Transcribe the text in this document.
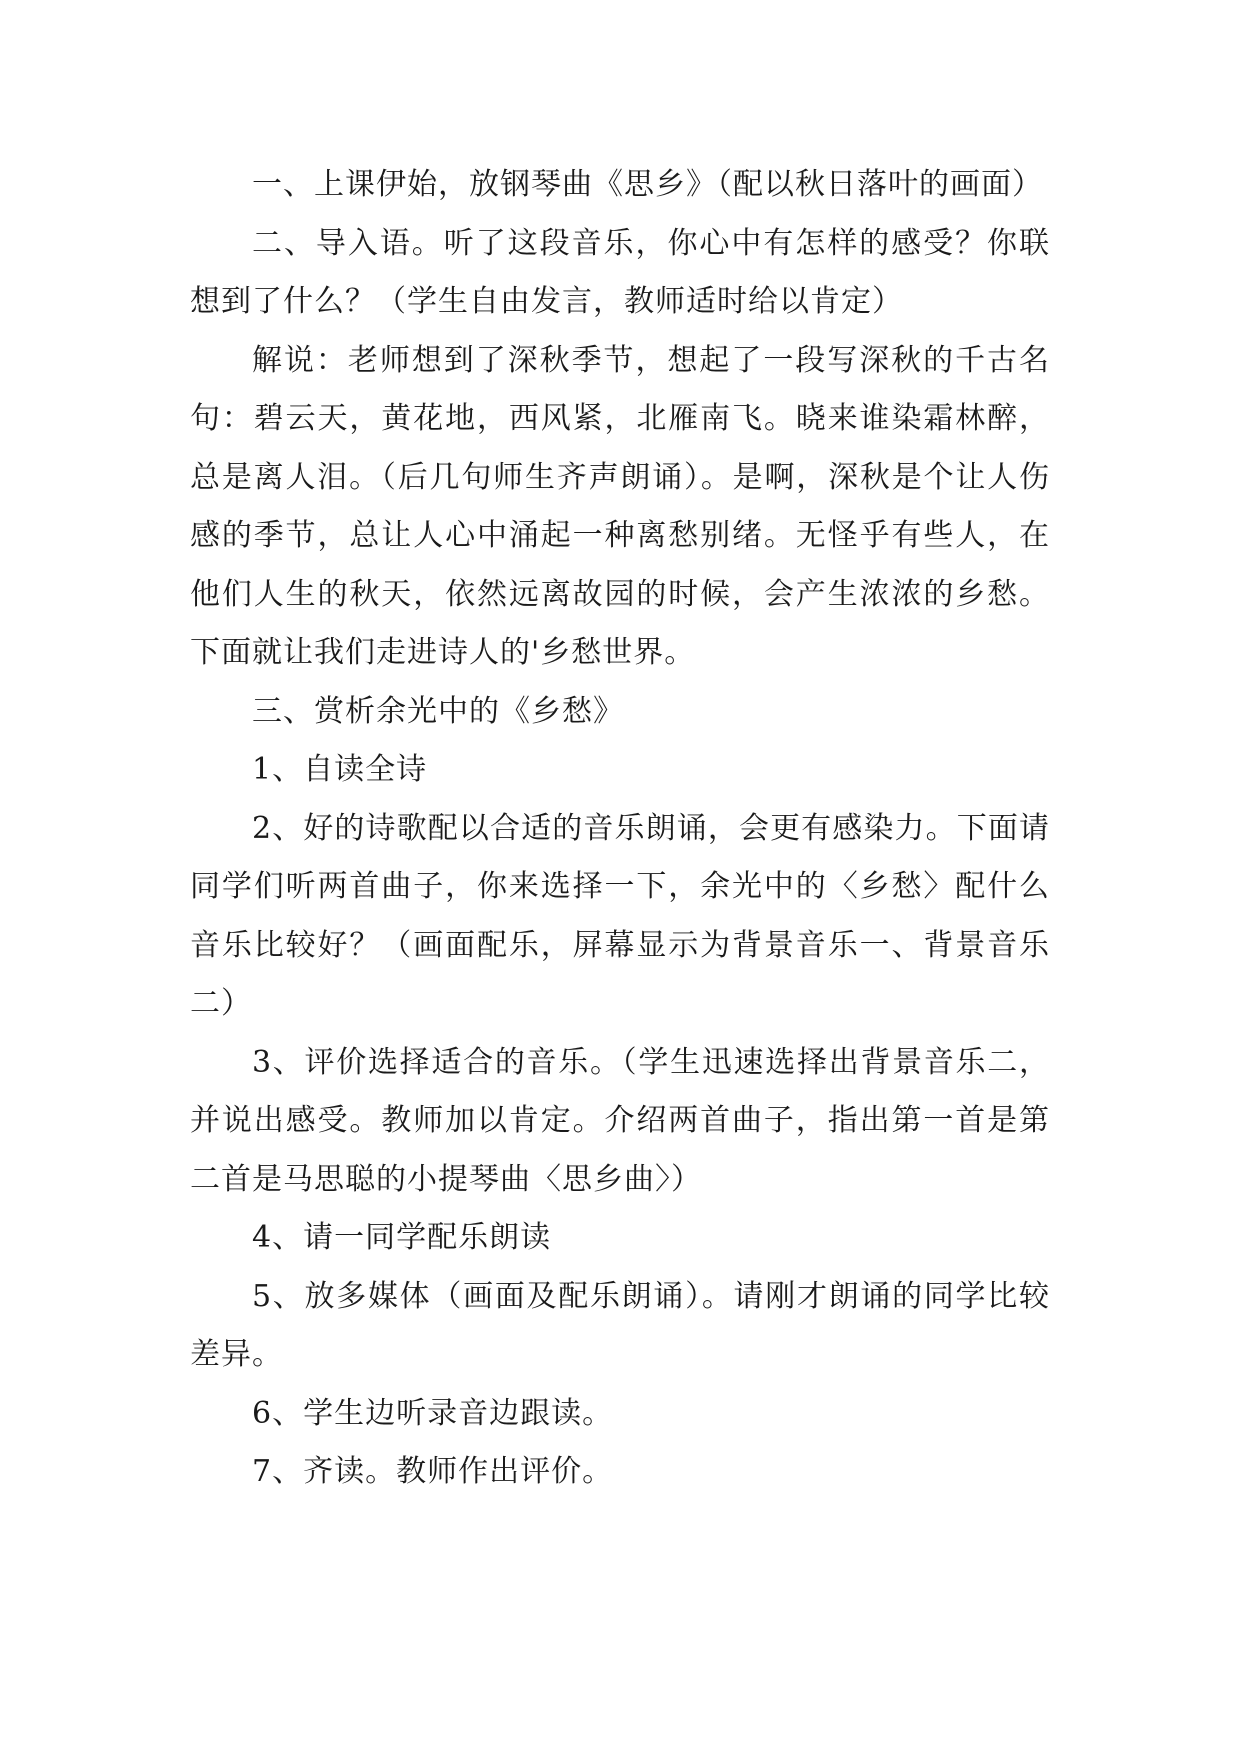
一、上课伊始，放钢琴曲《思乡》（配以秋日落叶的画面）

二、导入语。听了这段音乐，你心中有怎样的感受？你联想到了什么？（学生自由发言，教师适时给以肯定）

解说：老师想到了深秋季节，想起了一段写深秋的千古名句：碧云天，黄花地，西风紧，北雁南飞。晓来谁染霜林醉，总是离人泪。（后几句师生齐声朗诵）。是啊，深秋是个让人伤感的季节，总让人心中涌起一种离愁别绪。无怪乎有些人，在他们人生的秋天，依然远离故园的时候，会产生浓浓的乡愁。下面就让我们走进诗人的'乡愁世界。

三、赏析余光中的《乡愁》

1、自读全诗

2、好的诗歌配以合适的音乐朗诵，会更有感染力。下面请同学们听两首曲子，你来选择一下，余光中的〈乡愁〉配什么音乐比较好？（画面配乐，屏幕显示为背景音乐一、背景音乐二）

3、评价选择适合的音乐。（学生迅速选择出背景音乐二，并说出感受。教师加以肯定。介绍两首曲子，指出第一首是第二首是马思聪的小提琴曲〈思乡曲〉）

4、请一同学配乐朗读

5、放多媒体（画面及配乐朗诵）。请刚才朗诵的同学比较差异。

6、学生边听录音边跟读。

7、齐读。教师作出评价。
